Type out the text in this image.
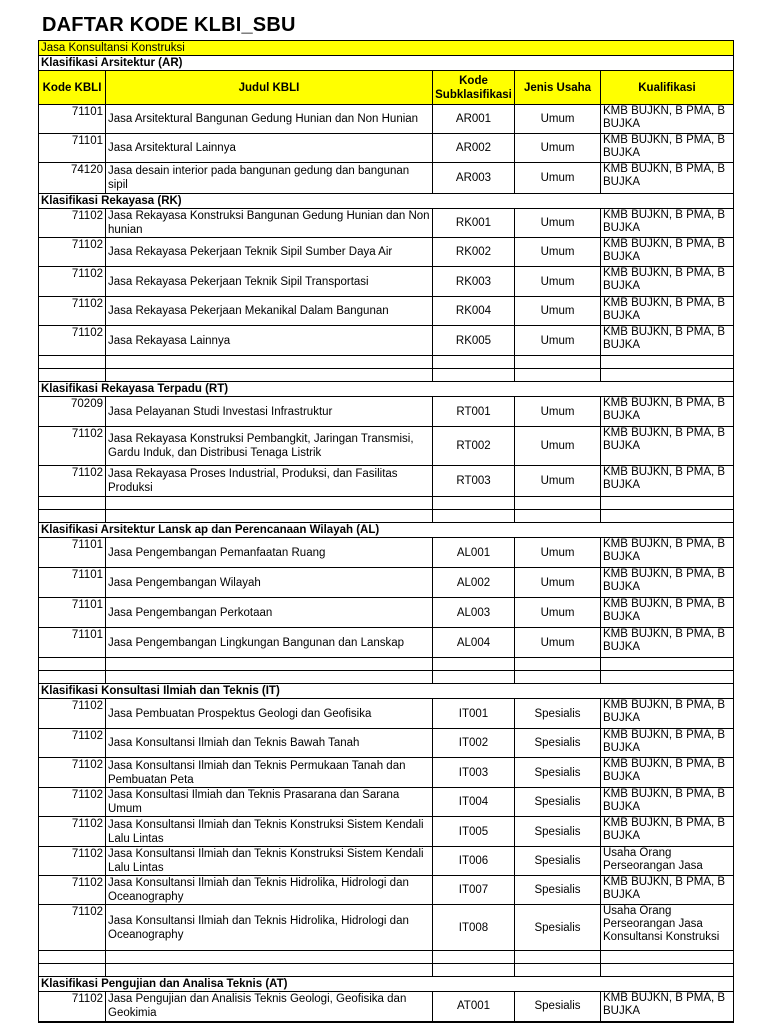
DAFTAR KODE KLBI_SBU
Jasa Konsultansi Konstruksi				
Klasifikasi Arsitektur (AR)				
Kode KBLI	Judul KBLI	Kode Subklasifikasi	Jenis Usaha	Kualifikasi
71101	Jasa Arsitektural Bangunan Gedung Hunian dan Non Hunian	AR001	Umum	KMB BUJKN, B PMA, B BUJKA

71101	Jasa Arsitektural Lainnya	AR002	Umum	KMB BUJKN, B PMA, B BUJKA

74120	Jasa desain interior pada bangunan gedung dan bangunan sipil	AR003	Umum	KMB BUJKN, B PMA, B BUJKA

Klasifikasi Rekayasa (RK)				
71102	Jasa Rekayasa Konstruksi Bangunan Gedung Hunian dan Non hunian	RK001	Umum	KMB BUJKN, B PMA, B BUJKA

71102	Jasa Rekayasa Pekerjaan Teknik Sipil Sumber Daya Air	RK002	Umum	KMB BUJKN, B PMA, B BUJKA

71102	Jasa Rekayasa Pekerjaan Teknik Sipil Transportasi	RK003	Umum	KMB BUJKN, B PMA, B BUJKA

71102	Jasa Rekayasa Pekerjaan Mekanikal Dalam Bangunan	RK004	Umum	KMB BUJKN, B PMA, B BUJKA

71102	Jasa Rekayasa Lainnya	RK005	Umum	KMB BUJKN, B PMA, B BUJKA

Klasifikasi Rekayasa Terpadu (RT)				
70209	Jasa Pelayanan Studi Investasi Infrastruktur	RT001	Umum	KMB BUJKN, B PMA, B BUJKA

71102	Jasa Rekayasa Konstruksi Pembangkit, Jaringan Transmisi, Gardu Induk, dan Distribusi Tenaga Listrik	RT002	Umum	KMB BUJKN, B PMA, B BUJKA

71102	Jasa Rekayasa Proses Industrial, Produksi, dan Fasilitas Produksi	RT003	Umum	KMB BUJKN, B PMA, B BUJKA

Klasifikasi Arsitektur Lansk ap dan Perencanaan Wilayah (AL)				
71101	Jasa Pengembangan Pemanfaatan Ruang	AL001	Umum	KMB BUJKN, B PMA, B BUJKA

71101	Jasa Pengembangan Wilayah	AL002	Umum	KMB BUJKN, B PMA, B BUJKA

71101	Jasa Pengembangan Perkotaan	AL003	Umum	KMB BUJKN, B PMA, B BUJKA

71101	Jasa Pengembangan Lingkungan Bangunan dan Lanskap	AL004	Umum	KMB BUJKN, B PMA, B BUJKA

Klasifikasi Konsultasi Ilmiah dan Teknis (IT)				
71102	Jasa Pembuatan Prospektus Geologi dan Geofisika	IT001	Spesialis	KMB BUJKN, B PMA, B BUJKA

71102	Jasa Konsultansi Ilmiah dan Teknis Bawah Tanah	IT002	Spesialis	KMB BUJKN, B PMA, B BUJKA

71102	Jasa Konsultansi Ilmiah dan Teknis Permukaan Tanah dan Pembuatan Peta	IT003	Spesialis	KMB BUJKN, B PMA, B BUJKA

71102	Jasa Konsultasi Ilmiah dan Teknis Prasarana dan Sarana Umum	IT004	Spesialis	KMB BUJKN, B PMA, B BUJKA

71102	Jasa Konsultansi Ilmiah dan Teknis Konstruksi Sistem Kendali Lalu Lintas	IT005	Spesialis	KMB BUJKN, B PMA, B BUJKA

71102	Jasa Konsultansi Ilmiah dan Teknis Konstruksi Sistem Kendali Lalu Lintas	IT006	Spesialis	Usaha Orang Perseorangan Jasa

71102	Jasa Konsultansi Ilmiah dan Teknis Hidrolika, Hidrologi dan Oceanography	IT007	Spesialis	KMB BUJKN, B PMA, B BUJKA

71102	Jasa Konsultansi Ilmiah dan Teknis Hidrolika, Hidrologi dan Oceanography	IT008	Spesialis	Usaha Orang Perseorangan Jasa Konsultansi Konstruksi

Klasifikasi Pengujian dan Analisa Teknis (AT)				
71102	Jasa Pengujian dan Analisis Teknis Geologi, Geofisika dan Geokimia	AT001	Spesialis	KMB BUJKN, B PMA, B BUJKA
